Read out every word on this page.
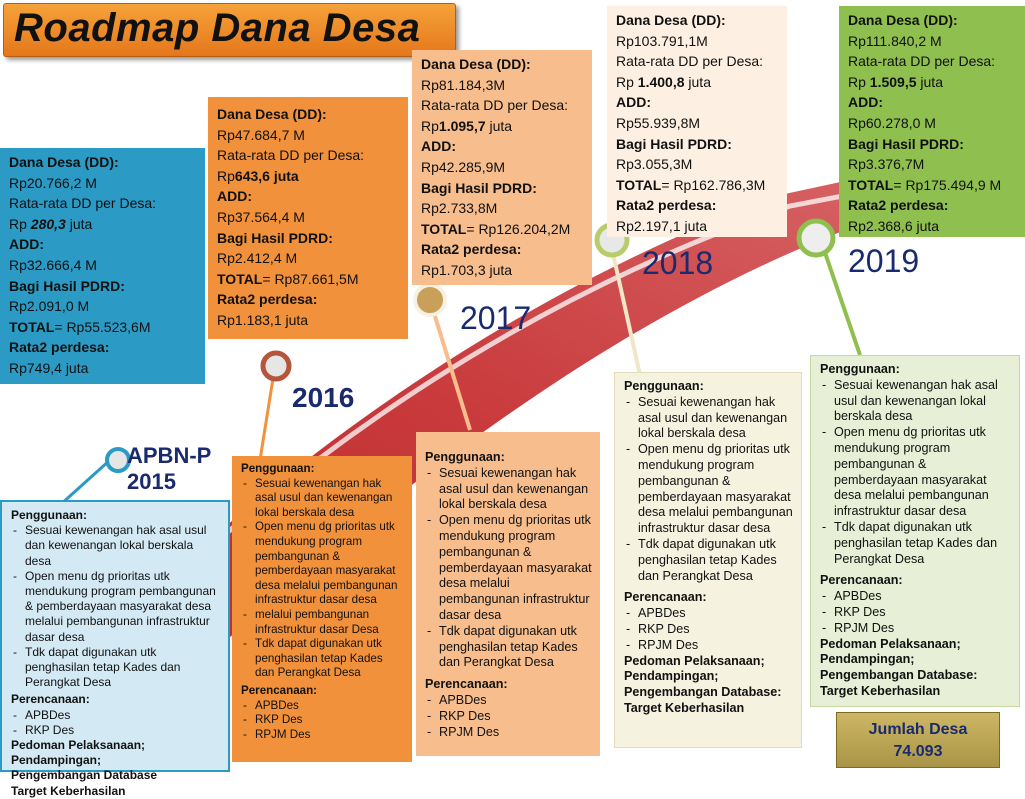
Roadmap Dana Desa
APBN-P
2015
2016
2017
2018	2019
Dana Desa (DD):
Rp20.766,2 M
Rata-rata DD per Desa:
Rp 280,3 juta
ADD:
Rp32.666,4 M
Bagi Hasil PDRD:
Rp2.091,0 M
TOTAL= Rp55.523,6M
Rata2 perdesa:
Rp749,4 juta
Dana Desa (DD):
Rp47.684,7 M
Rata-rata DD per Desa:
Rp643,6 juta
ADD:
Rp37.564,4 M
Bagi Hasil PDRD:
Rp2.412,4 M
TOTAL= Rp87.661,5M
Rata2 perdesa:
Rp1.183,1 juta
Dana Desa (DD):
Rp81.184,3M
Rata-rata DD per Desa:
Rp1.095,7 juta
ADD:
Rp42.285,9M
Bagi Hasil PDRD:
Rp2.733,8M
TOTAL= Rp126.204,2M
Rata2 perdesa:
Rp1.703,3 juta
Dana Desa (DD):
Rp103.791,1M
Rata-rata DD per Desa:
Rp 1.400,8 juta
ADD:
Rp55.939,8M
Bagi Hasil PDRD:
Rp3.055,3M
TOTAL= Rp162.786,3M
Rata2 perdesa:
Rp2.197,1 juta
Dana Desa (DD):
Rp111.840,2 M
Rata-rata DD per Desa:
Rp 1.509,5 juta
ADD:
Rp60.278,0 M
Bagi Hasil PDRD:
Rp3.376,7M
TOTAL= Rp175.494,9 M
Rata2 perdesa:
Rp2.368,6 juta
Penggunaan:
- Sesuai kewenangan hak asal usul dan kewenangan lokal berskala desa
- Open menu dg prioritas utk mendukung program pembangunan & pemberdayaan masyarakat desa melalui pembangunan infrastruktur dasar desa
- Tdk dapat digunakan utk penghasilan tetap Kades dan Perangkat Desa
Perencanaan:
- APBDes
- RKP Des
Pedoman Pelaksanaan;
Pendampingan;
Pengembangan Database
Target Keberhasilan
Penggunaan:
- Sesuai kewenangan hak asal usul dan kewenangan lokal berskala desa
- Open menu dg prioritas utk mendukung program pembangunan & pemberdayaan masyarakat desa melalui pembangunan infrastruktur dasar desa
- melalui pembangunan infrastruktur dasar Desa
- Tdk dapat digunakan utk penghasilan tetap Kades dan Perangkat Desa
Perencanaan:
- APBDes
- RKP Des
- RPJM Des
Penggunaan:
- Sesuai kewenangan hak asal usul dan kewenangan lokal berskala desa
- Open menu dg prioritas utk mendukung program pembangunan & pemberdayaan masyarakat desa melalui pembangunan infrastruktur dasar desa
- Tdk dapat digunakan utk penghasilan tetap Kades dan Perangkat Desa
Perencanaan:
- APBDes
- RKP Des
- RPJM Des
Penggunaan:
- Sesuai kewenangan hak asal usul dan kewenangan lokal berskala desa
- Open menu dg prioritas utk mendukung program pembangunan & pemberdayaan masyarakat desa melalui pembangunan infrastruktur dasar desa
- Tdk dapat digunakan utk penghasilan tetap Kades dan Perangkat Desa
Perencanaan:
- APBDes
- RKP Des
- RPJM Des
Pedoman Pelaksanaan;
Pendampingan;
Pengembangan Database:
Target Keberhasilan
Penggunaan:
- Sesuai kewenangan hak asal usul dan kewenangan lokal berskala desa
- Open menu dg prioritas utk mendukung program pembangunan & pemberdayaan masyarakat desa melalui pembangunan infrastruktur dasar desa
- Tdk dapat digunakan utk penghasilan tetap Kades dan Perangkat Desa
Perencanaan:
- APBDes
- RKP Des
- RPJM Des
Pedoman Pelaksanaan;
Pendampingan;
Pengembangan Database:
Target Keberhasilan
Jumlah Desa
74.093
